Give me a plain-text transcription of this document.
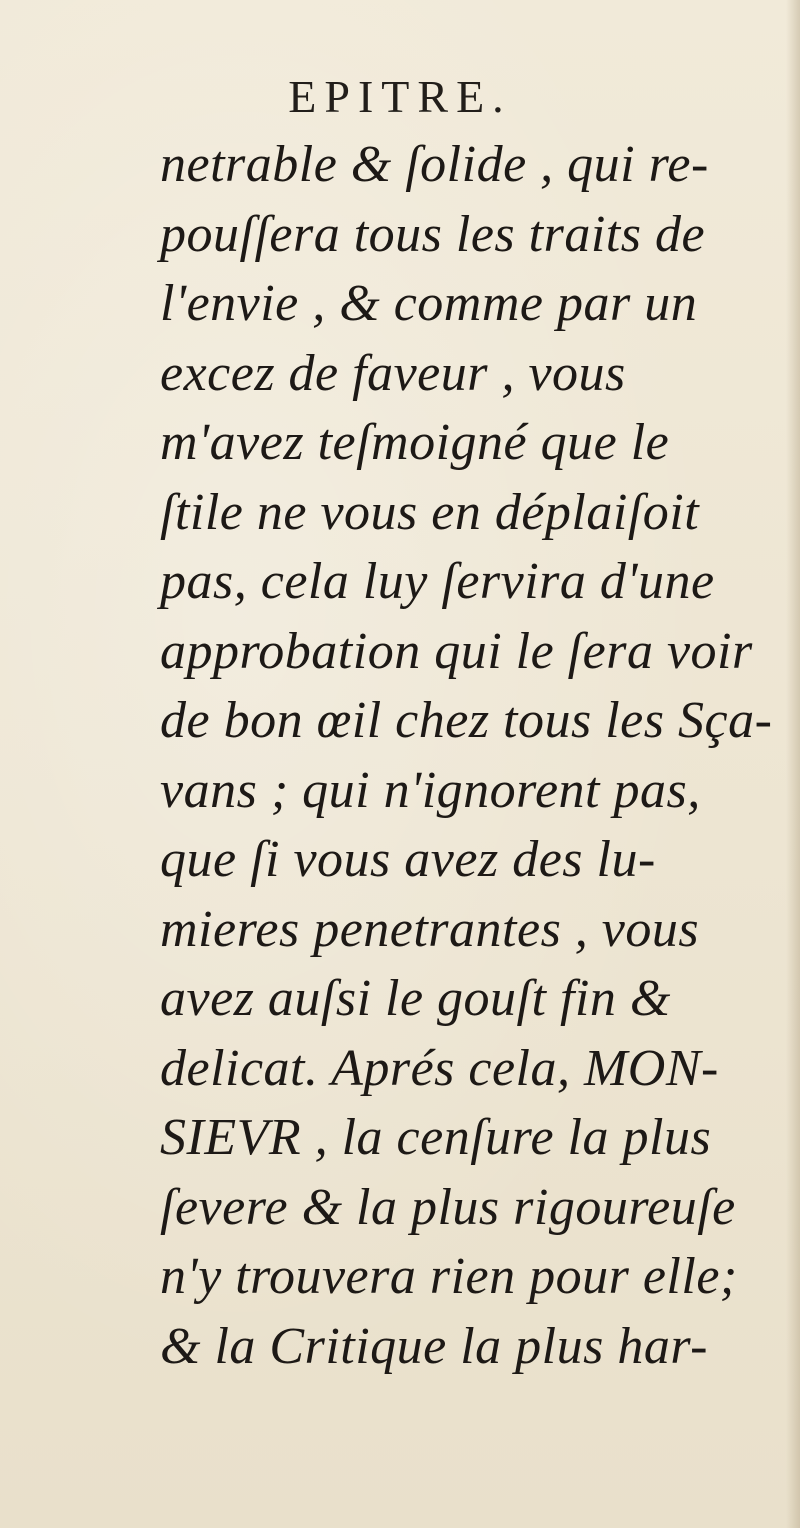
EPITRE.
netrable & ſolide , qui re-
pouſſera tous les traits de
l'envie , & comme par un
excez de faveur , vous
m'avez teſmoigné que le
ſtile ne vous en déplaiſoit
pas, cela luy ſervira d'une
approbation qui le ſera voir
de bon œil chez tous les Sça-
vans ; qui n'ignorent pas,
que ſi vous avez des lu-
mieres penetrantes , vous
avez auſsi le gouſt fin &
delicat. Aprés cela, MON-
SIEVR , la cenſure la plus
ſevere & la plus rigoureuſe
n'y trouvera rien pour elle;
& la Critique la plus har-
